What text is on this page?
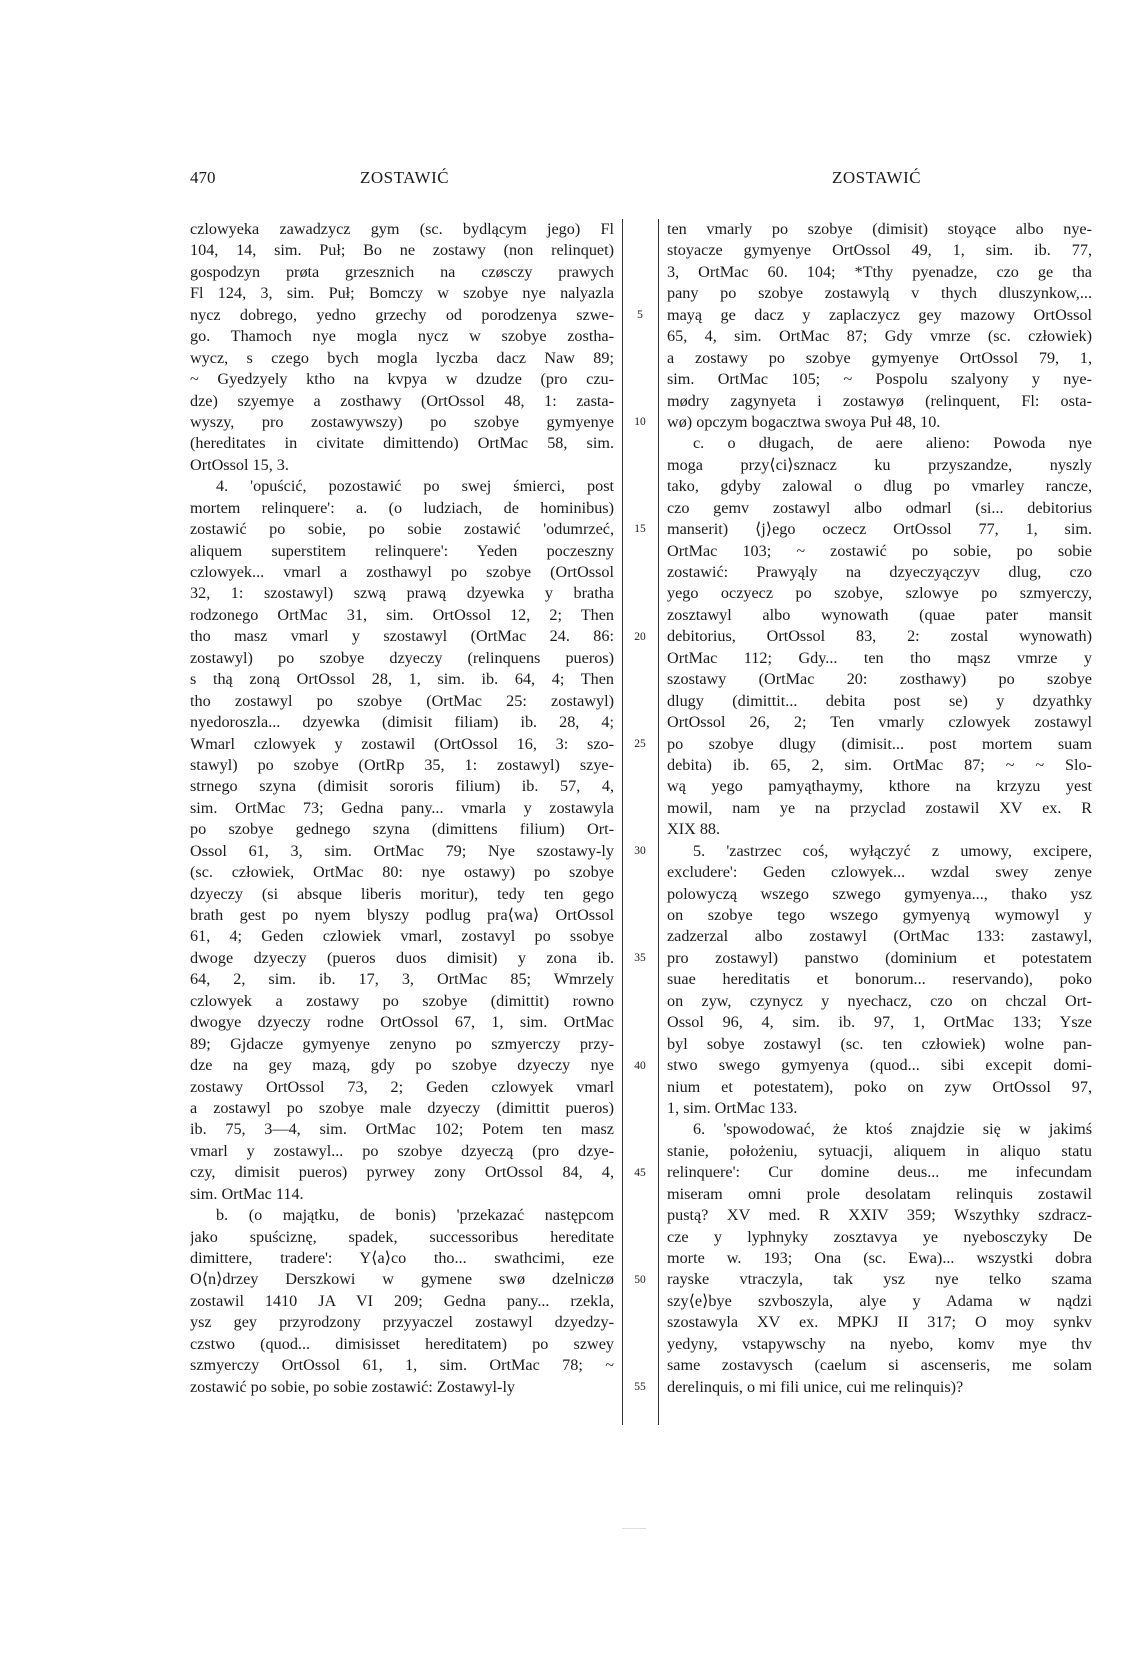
470	ZOSTAWIĆ	ZOSTAWIĆ
czlowyeka zawadzycz gym (sc. bydlącym jego) Fl
104, 14, sim. Puł; Bo ne zostawy (non relinquet)
gospodzyn prøta grzesznich na czøsczy prawych
Fl 124, 3, sim. Puł; Bomczy w szobye nye nalyazla
nycz dobrego, yedno grzechy od porodzenya szwe-
go. Thamoch nye mogla nycz w szobye zostha-
wycz, s czego bych mogla lyczba dacz Naw 89;
~ Gyedzyely ktho na kvpya w dzudze (pro czu-
dze) szyemye a zosthawy (OrtOssol 48, 1: zasta-
wyszy, pro zostawywszy) po szobye gymyenye
(hereditates in civitate dimittendo) OrtMac 58, sim.
OrtOssol 15, 3.
4. 'opuścić, pozostawić po swej śmierci, post
mortem relinquere': a. (o ludziach, de hominibus)
zostawić po sobie, po sobie zostawić 'odumrzeć,
aliquem superstitem relinquere': Yeden poczeszny
czlowyek... vmarl a zosthawyl po szobye (OrtOssol
32, 1: szostawyl) szwą prawą dzyewka y bratha
rodzonego OrtMac 31, sim. OrtOssol 12, 2; Then
tho masz vmarl y szostawyl (OrtMac 24. 86:
zostawyl) po szobye dzyeczy (relinquens pueros)
s thą zoną OrtOssol 28, 1, sim. ib. 64, 4; Then
tho zostawyl po szobye (OrtMac 25: zostawyl)
nyedoroszla... dzyewka (dimisit filiam) ib. 28, 4;
Wmarl czlowyek y zostawil (OrtOssol 16, 3: szo-
stawyl) po szobye (OrtRp 35, 1: zostawyl) szye-
strnego szyna (dimisit sororis filium) ib. 57, 4,
sim. OrtMac 73; Gedna pany... vmarla y zostawyla
po szobye gednego szyna (dimittens filium) Ort-
Ossol 61, 3, sim. OrtMac 79; Nye szostawy-ly
(sc. człowiek, OrtMac 80: nye ostawy) po szobye
dzyeczy (si absque liberis moritur), tedy ten gego
brath gest po nyem blyszy podlug pra⟨wa⟩ OrtOssol
61, 4; Geden czlowiek vmarl, zostavyl po ssobye
dwoge dzyeczy (pueros duos dimisit) y zona ib.
64, 2, sim. ib. 17, 3, OrtMac 85; Wmrzely
czlowyek a zostawy po szobye (dimittit) rowno
dwogye dzyeczy rodne OrtOssol 67, 1, sim. OrtMac
89; Gjdacze gymyenye zenyno po szmyerczy przy-
dze na gey mazą, gdy po szobye dzyeczy nye
zostawy OrtOssol 73, 2; Geden czlowyek vmarl
a zostawyl po szobye male dzyeczy (dimittit pueros)
ib. 75, 3—4, sim. OrtMac 102; Potem ten masz
vmarl y zostawyl... po szobye dzyeczą (pro dzye-
czy, dimisit pueros) pyrwey zony OrtOssol 84, 4,
sim. OrtMac 114.
b. (o majątku, de bonis) 'przekazać następcom
jako spuściznę, spadek, successoribus hereditate
dimittere, tradere': Y⟨a⟩co tho... swathcimi, eze
O⟨n⟩drzey Derszkowi w gymene swø dzelniczø
zostawil 1410 JA VI 209; Gedna pany... rzekla,
ysz gey przyrodzony przyyaczel zostawyl dzyedzy-
czstwo (quod... dimisisset hereditatem) po szwey
szmyerczy OrtOssol 61, 1, sim. OrtMac 78; ~
zostawić po sobie, po sobie zostawić: Zostawyl-ly
5
10
15
20
25
30
35
40
45
50
55
ten vmarly po szobye (dimisit) stoyące albo nye-
stoyacze gymyenye OrtOssol 49, 1, sim. ib. 77,
3, OrtMac 60. 104; *Tthy pyenadze, czo ge tha
pany po szobye zostawylą v thych dluszynkow,...
mayą ge dacz y zaplaczycz gey mazowy OrtOssol
65, 4, sim. OrtMac 87; Gdy vmrze (sc. człowiek)
a zostawy po szobye gymyenye OrtOssol 79, 1,
sim. OrtMac 105; ~ Pospolu szalyony y nye-
mødry zagynyeta i zostawyø (relinquent, Fl: osta-
wø) opczym bogacztwa swoya Puł 48, 10.
c. o długach, de aere alieno: Powoda nye
moga przy⟨ci⟩sznacz ku przyszandze, nyszly
tako, gdyby zalowal o dlug po vmarley rancze,
czo gemv zostawyl albo odmarl (si... debitorius
manserit) ⟨j⟩ego oczecz OrtOssol 77, 1, sim.
OrtMac 103; ~ zostawić po sobie, po sobie
zostawić: Prawyąly na dzyeczyączyv dlug, czo
yego oczyecz po szobye, szlowye po szmyerczy,
zosztawyl albo wynowath (quae pater mansit
debitorius, OrtOssol 83, 2: zostal wynowath)
OrtMac 112; Gdy... ten tho mąsz vmrze y
szostawy (OrtMac 20: zosthawy) po szobye
dlugy (dimittit... debita post se) y dzyathky
OrtOssol 26, 2; Ten vmarly czlowyek zostawyl
po szobye dlugy (dimisit... post mortem suam
debita) ib. 65, 2, sim. OrtMac 87; ~ ~ Slo-
wą yego pamyąthaymy, kthore na krzyzu yest
mowil, nam ye na przyclad zostawil XV ex. R
XIX 88.
5. 'zastrzec coś, wyłączyć z umowy, excipere,
excludere': Geden czlowyek... wzdal swey zenye
polowyczą wszego szwego gymyenya..., thako ysz
on szobye tego wszego gymyenyą wymowyl y
zadzerzal albo zostawyl (OrtMac 133: zastawyl,
pro zostawyl) panstwo (dominium et potestatem
suae hereditatis et bonorum... reservando), poko
on zyw, czynycz y nyechacz, czo on chczal Ort-
Ossol 96, 4, sim. ib. 97, 1, OrtMac 133; Ysze
byl sobye zostawyl (sc. ten człowiek) wolne pan-
stwo swego gymyenya (quod... sibi excepit domi-
nium et potestatem), poko on zyw OrtOssol 97,
1, sim. OrtMac 133.
6. 'spowodować, że ktoś znajdzie się w jakimś
stanie, położeniu, sytuacji, aliquem in aliquo statu
relinquere': Cur domine deus... me infecundam
miseram omni prole desolatam relinquis zostawil
pustą? XV med. R XXIV 359; Wszythky szdracz-
cze y lyphnyky zosztavya ye nyebosczyky De
morte w. 193; Ona (sc. Ewa)... wszystki dobra
rayske vtraczyla, tak ysz nye telko szama
szy⟨e⟩bye szvboszyla, alye y Adama w nądzi
szostawyla XV ex. MPKJ II 317; O moy synkv
yedyny, vstapywschy na nyebo, komv mye thv
same zostavysch (caelum si ascenseris, me solam
derelinquis, o mi fili unice, cui me relinquis)?
